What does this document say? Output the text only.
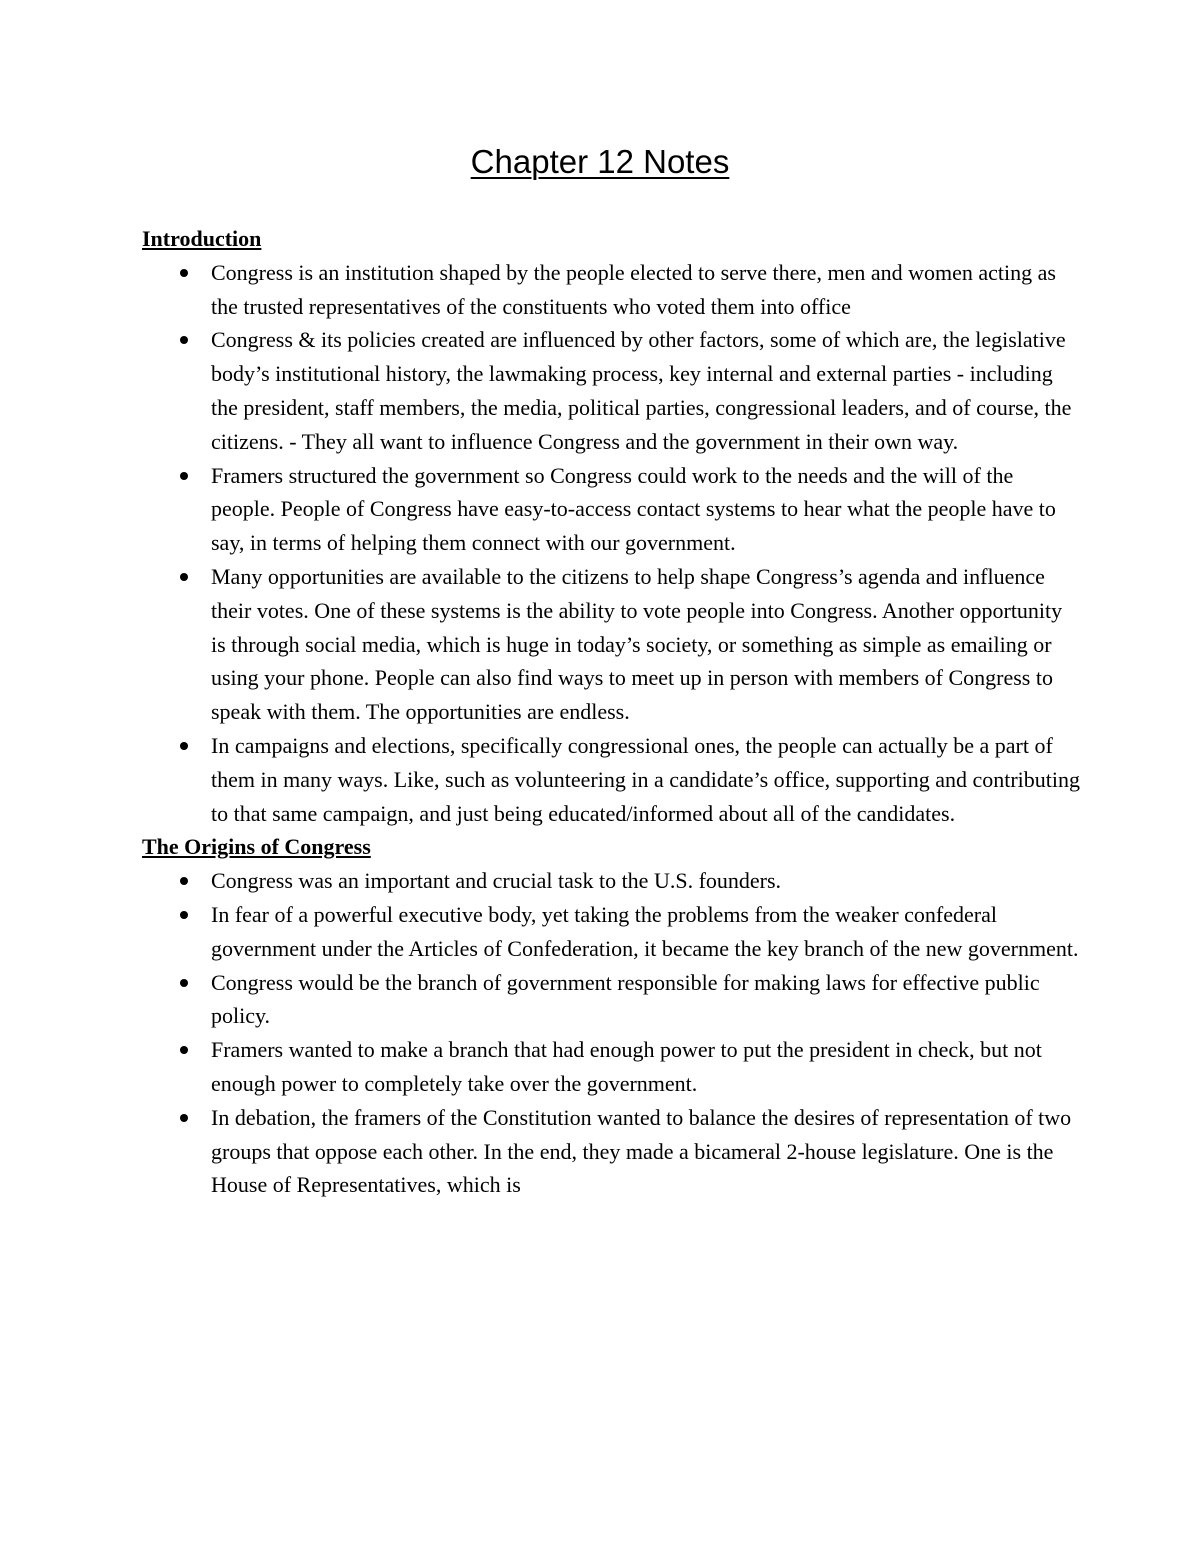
Chapter 12 Notes

Introduction

Congress is an institution shaped by the people elected to serve there, men and women acting as the trusted representatives of the constituents who voted them into office
Congress & its policies created are influenced by other factors, some of which are, the legislative body’s institutional history, the lawmaking process, key internal and external parties - including the president, staff members, the media, political parties, congressional leaders, and of course, the citizens. - They all want to influence Congress and the government in their own way.
Framers structured the government so Congress could work to the needs and the will of the people. People of Congress have easy-to-access contact systems to hear what the people have to say, in terms of helping them connect with our government.
Many opportunities are available to the citizens to help shape Congress’s agenda and influence their votes. One of these systems is the ability to vote people into Congress. Another opportunity is through social media, which is huge in today’s society, or something as simple as emailing or using your phone. People can also find ways to meet up in person with members of Congress to speak with them. The opportunities are endless.
In campaigns and elections, specifically congressional ones, the people can actually be a part of them in many ways. Like, such as volunteering in a candidate’s office, supporting and contributing to that same campaign, and just being educated/informed about all of the candidates.

The Origins of Congress

Congress was an important and crucial task to the U.S. founders.
In fear of a powerful executive body, yet taking the problems from the weaker confederal government under the Articles of Confederation, it became the key branch of the new government.
Congress would be the branch of government responsible for making laws for effective public policy.
Framers wanted to make a branch that had enough power to put the president in check, but not enough power to completely take over the government.
In debation, the framers of the Constitution wanted to balance the desires of representation of two groups that oppose each other. In the end, they made a bicameral 2-house legislature. One is the House of Representatives, which is
